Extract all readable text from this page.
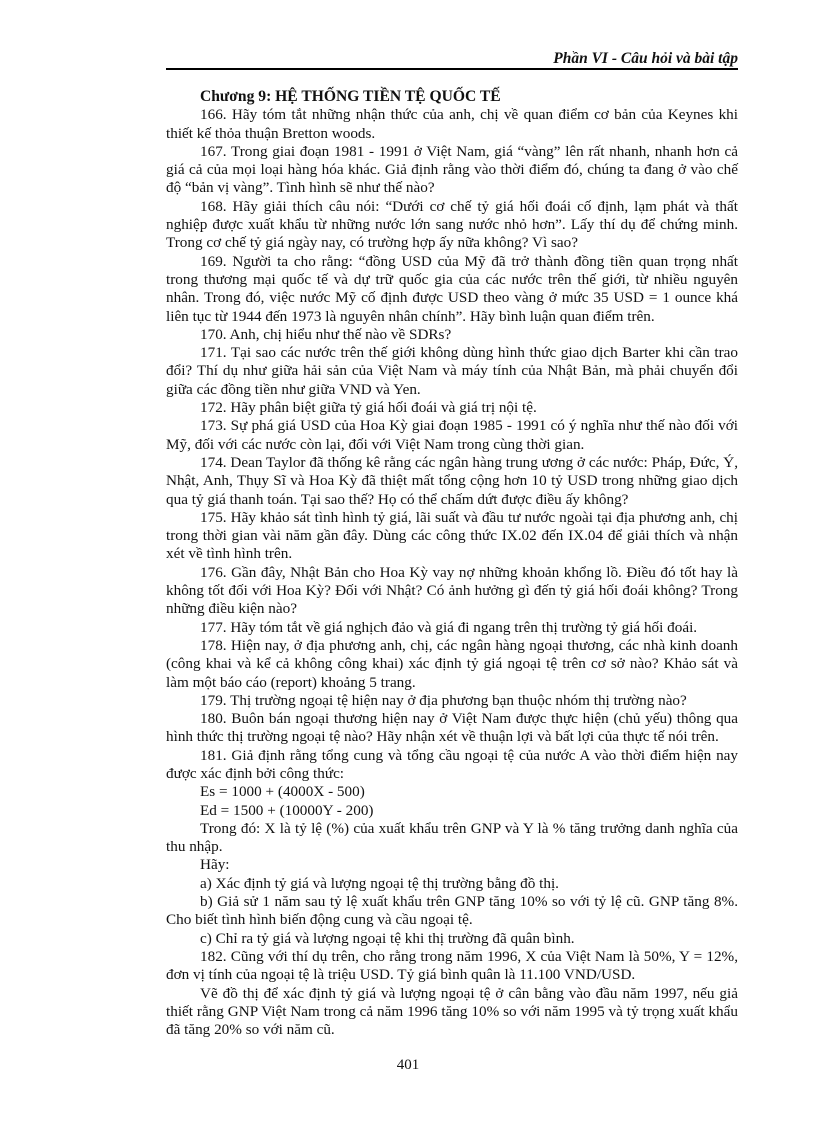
Phần VI - Câu hỏi và bài tập
Chương 9: HỆ THỐNG TIỀN TỆ QUỐC TẾ

166. Hãy tóm tắt những nhận thức của anh, chị về quan điểm cơ bản của Keynes khi thiết kế thỏa thuận Bretton woods.

167. Trong giai đoạn 1981 - 1991 ở Việt Nam, giá “vàng” lên rất nhanh, nhanh hơn cả giá cả của mọi loại hàng hóa khác. Giả định rằng vào thời điểm đó, chúng ta đang ở vào chế độ “bản vị vàng”. Tình hình sẽ như thế nào?

168. Hãy giải thích câu nói: “Dưới cơ chế tỷ giá hối đoái cố định, lạm phát và thất nghiệp được xuất khẩu từ những nước lớn sang nước nhỏ hơn”. Lấy thí dụ để chứng minh. Trong cơ chế tỷ giá ngày nay, có trường hợp ấy nữa không? Vì sao?

169. Người ta cho rằng: “đồng USD của Mỹ đã trở thành đồng tiền quan trọng nhất trong thương mại quốc tế và dự trữ quốc gia của các nước trên thế giới, từ nhiều nguyên nhân. Trong đó, việc nước Mỹ cố định được USD theo vàng ở mức 35 USD = 1 ounce khá liên tục từ 1944 đến 1973 là nguyên nhân chính”. Hãy bình luận quan điểm trên.

170. Anh, chị hiểu như thế nào về SDRs?

171. Tại sao các nước trên thế giới không dùng hình thức giao dịch Barter khi cần trao đổi? Thí dụ như giữa hải sản của Việt Nam và máy tính của Nhật Bản, mà phải chuyển đổi giữa các đồng tiền như giữa VND và Yen.

172. Hãy phân biệt giữa tỷ giá hối đoái và giá trị nội tệ.

173. Sự phá giá USD của Hoa Kỳ giai đoạn 1985 - 1991 có ý nghĩa như thế nào đối với Mỹ, đối với các nước còn lại, đối với Việt Nam trong cùng thời gian.

174. Dean Taylor đã thống kê rằng các ngân hàng trung ương ở các nước: Pháp, Đức, Ý, Nhật, Anh, Thụy Sĩ và Hoa Kỳ đã thiệt mất tổng cộng hơn 10 tỷ USD trong những giao dịch qua tỷ giá thanh toán. Tại sao thế? Họ có thể chấm dứt được điều ấy không?

175. Hãy khảo sát tình hình tỷ giá, lãi suất và đầu tư nước ngoài tại địa phương anh, chị trong thời gian vài năm gần đây. Dùng các công thức IX.02 đến IX.04 để giải thích và nhận xét về tình hình trên.

176. Gần đây, Nhật Bản cho Hoa Kỳ vay nợ những khoản khổng lồ. Điều đó tốt hay là không tốt đối với Hoa Kỳ? Đối với Nhật? Có ảnh hưởng gì đến tỷ giá hối đoái không? Trong những điều kiện nào?

177. Hãy tóm tắt về giá nghịch đảo và giá đi ngang trên thị trường tỷ giá hối đoái.

178. Hiện nay, ở địa phương anh, chị, các ngân hàng ngoại thương, các nhà kinh doanh (công khai và kể cả không công khai) xác định tỷ giá ngoại tệ trên cơ sở nào? Khảo sát và làm một báo cáo (report) khoảng 5 trang.

179. Thị trường ngoại tệ hiện nay ở địa phương bạn thuộc nhóm thị trường nào?

180. Buôn bán ngoại thương hiện nay ở Việt Nam được thực hiện (chủ yếu) thông qua hình thức thị trường ngoại tệ nào? Hãy nhận xét về thuận lợi và bất lợi của thực tế nói trên.

181. Giả định rằng tổng cung và tổng cầu ngoại tệ của nước A vào thời điểm hiện nay được xác định bởi công thức:

Es = 1000 + (4000X - 500)

Ed = 1500 + (10000Y - 200)

Trong đó: X là tỷ lệ (%) của xuất khẩu trên GNP và Y là % tăng trưởng danh nghĩa của thu nhập.

Hãy:

a) Xác định tỷ giá và lượng ngoại tệ thị trường bằng đồ thị.

b) Giả sử 1 năm sau tỷ lệ xuất khẩu trên GNP tăng 10% so với tỷ lệ cũ. GNP tăng 8%. Cho biết tình hình biến động cung và cầu ngoại tệ.

c) Chỉ ra tỷ giá và lượng ngoại tệ khi thị trường đã quân bình.

182. Cũng với thí dụ trên, cho rằng trong năm 1996, X của Việt Nam là 50%, Y = 12%, đơn vị tính của ngoại tệ là triệu USD. Tỷ giá bình quân là 11.100 VND/USD.

Vẽ đồ thị để xác định tỷ giá và lượng ngoại tệ ở cân bằng vào đầu năm 1997, nếu giả thiết rằng GNP Việt Nam trong cả năm 1996 tăng 10% so với năm 1995 và tỷ trọng xuất khẩu đã tăng 20% so với năm cũ.

401
